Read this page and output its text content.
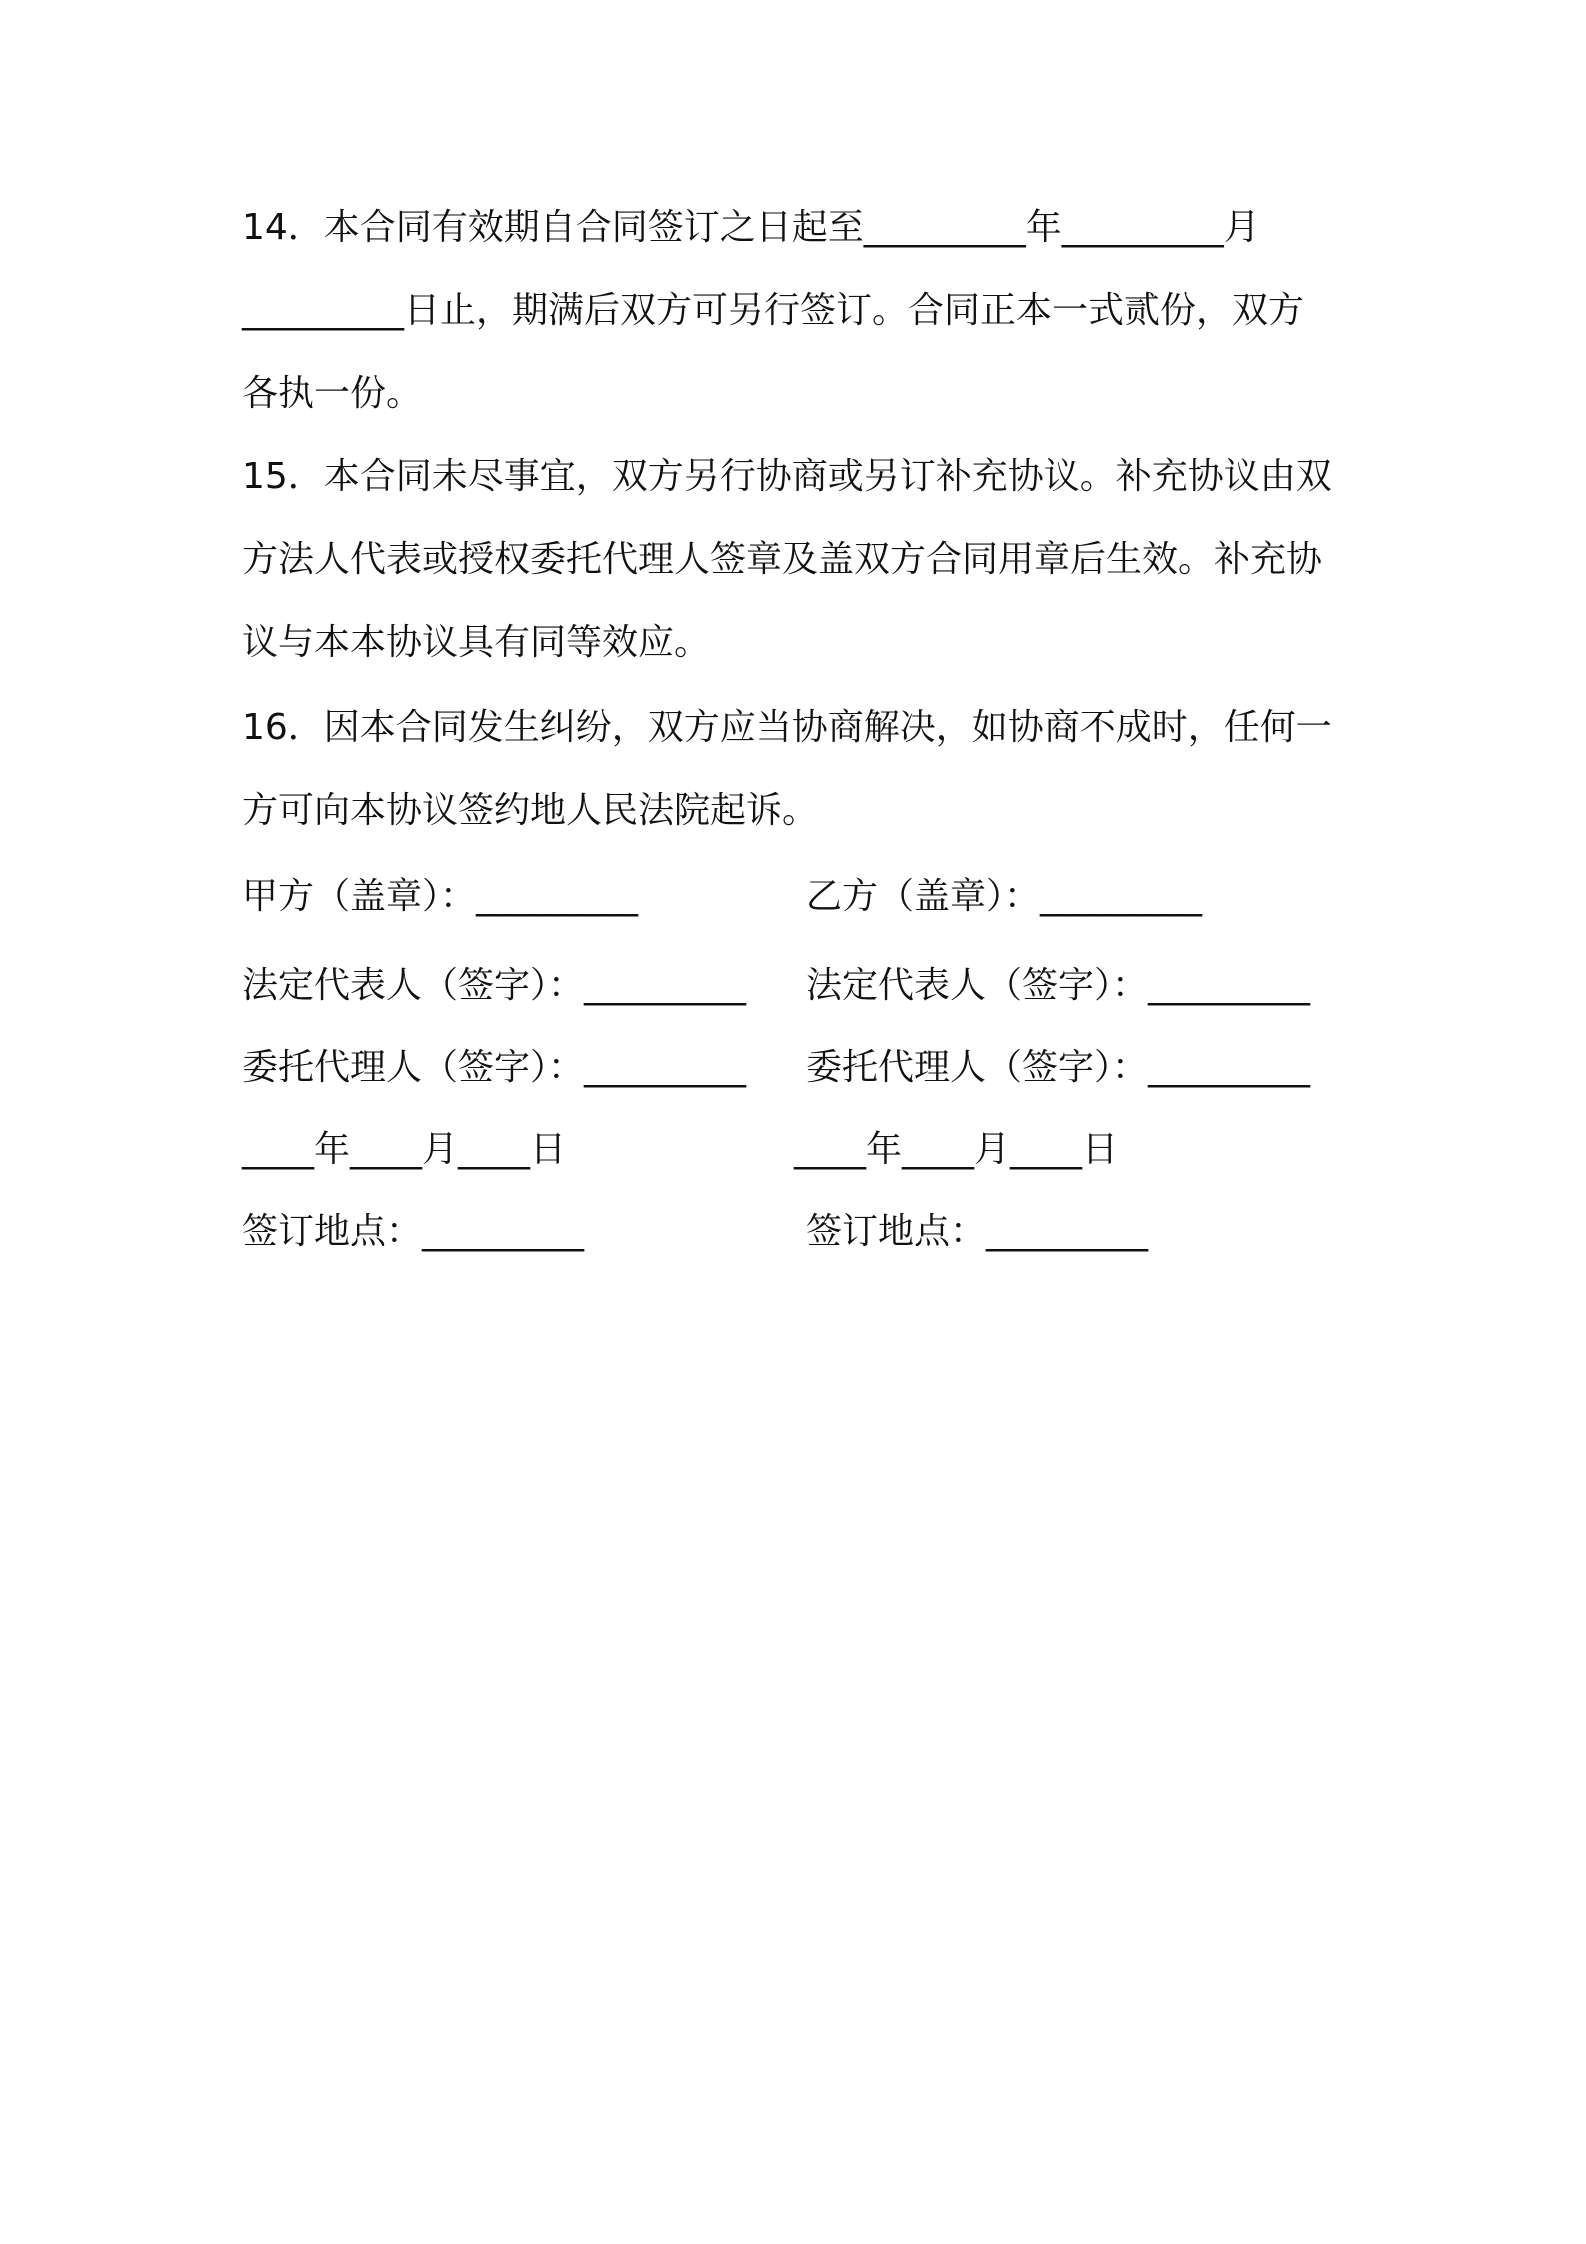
14．本合同有效期自合同签订之日起至_________年_________月
_________日止，期满后双方可另行签订。合同正本一式贰份，双方
各执一份。
15．本合同未尽事宜，双方另行协商或另订补充协议。补充协议由双
方法人代表或授权委托代理人签章及盖双方合同用章后生效。补充协
议与本本协议具有同等效应。
16．因本合同发生纠纷，双方应当协商解决，如协商不成时，任何一
方可向本协议签约地人民法院起诉。
甲方（盖章）：_________
法定代表人（签字）：_________
委托代理人（签字）：_________
____年____月____日
签订地点：_________
乙方（盖章）：_________
法定代表人（签字）：_________
委托代理人（签字）：_________
____年____月____日
签订地点：_________
